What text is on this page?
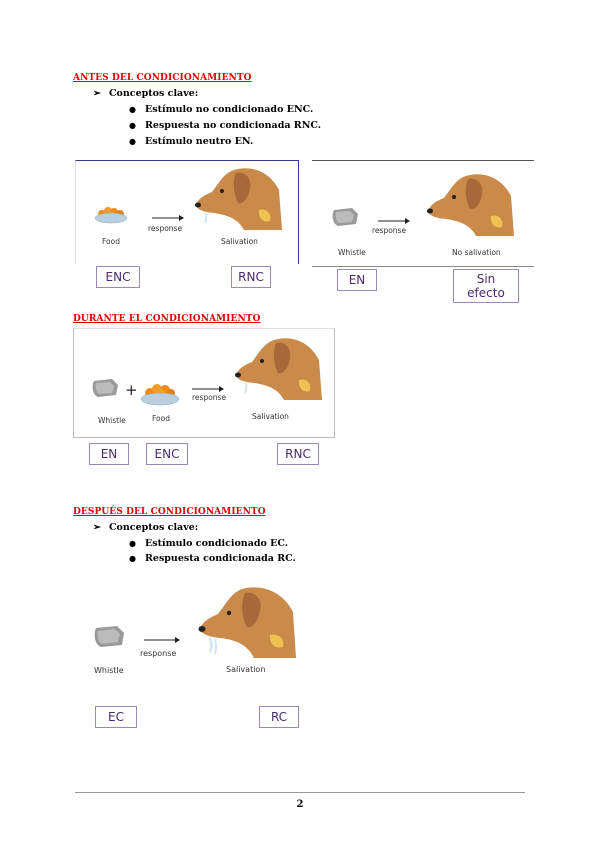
ANTES DEL CONDICIONAMIENTO
➢ Conceptos clave:
● Estímulo no condicionado ENC.
● Respuesta no condicionada RNC.
● Estímulo neutro EN.
Food
response
Salivation
ENC	RNC
Whistle
response
No salivation
EN	Sin
efecto
DURANTE EL CONDICIONAMIENTO
Whistle
+
Food
response
Salivation
EN	ENC	RNC
DESPUÉS DEL CONDICIONAMIENTO
➢ Conceptos clave:
● Estímulo condicionado EC.
● Respuesta condicionada RC.
Whistle
response
Salivation
EC	RC
2
